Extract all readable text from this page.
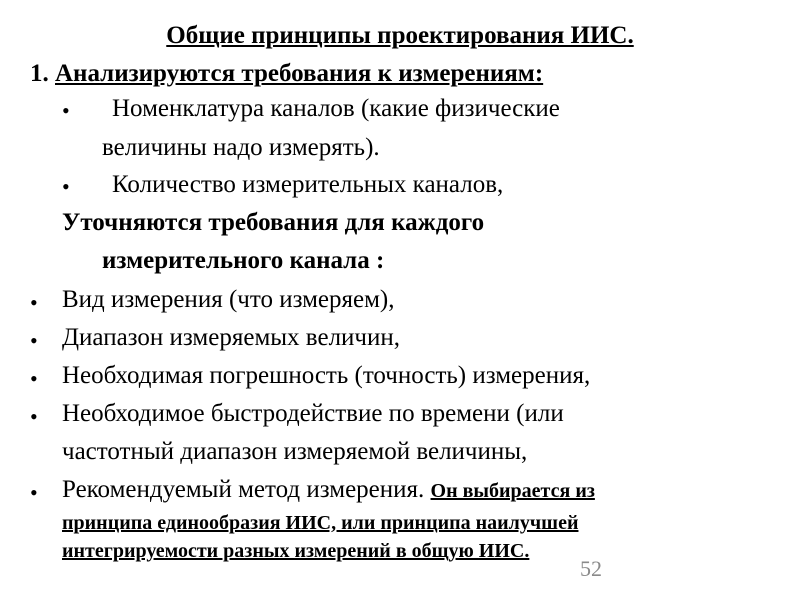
Общие принципы проектирования ИИС.
1. Анализируются требования к измерениям:
• Номенклатура каналов (какие физические
величины надо измерять).
• Количество измерительных каналов,
Уточняются требования для каждого
измерительного канала :
• Вид измерения (что измеряем),
• Диапазон измеряемых величин,
• Необходимая погрешность (точность) измерения,
• Необходимое быстродействие по времени (или
частотный диапазон измеряемой величины,
• Рекомендуемый метод измерения. Он выбирается из
принципа единообразия ИИС, или принципа наилучшей
интегрируемости разных измерений в общую ИИС.
52
